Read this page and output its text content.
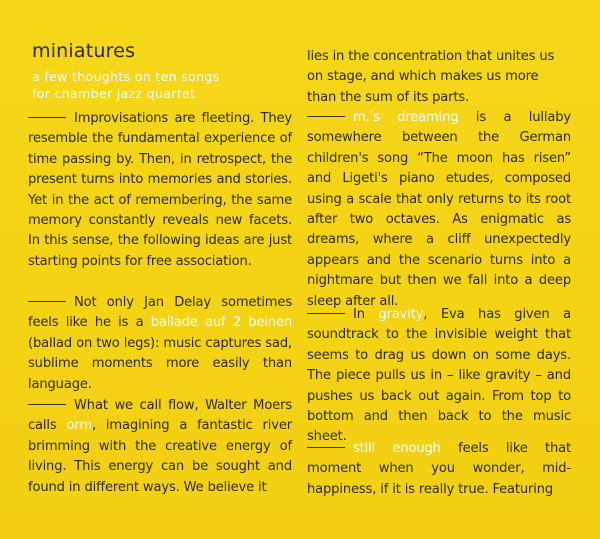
miniatures
a few thoughts on ten songs
for chamber jazz quartet

Improvisations are fleeting. They resemble the fundamental experience of time passing by. Then, in retrospect, the present turns into memories and stories. Yet in the act of remembering, the same memory constantly reveals new facets. In this sense, the following ideas are just starting points for free association.

Not only Jan Delay sometimes feels like he is a ballade auf 2 beinen (ballad on two legs): music captures sad, sublime moments more easily than language.

What we call flow, Walter Moers calls orm, imagining a fantastic river brimming with the creative energy of living. This energy can be sought and found in different ways. We believe it

lies in the concentration that unites us on stage, and which makes us more than the sum of its parts.

m.'s dreaming is a lullaby somewhere between the German children's song “The moon has risen” and Ligeti's piano etudes, composed using a scale that only returns to its root after two octaves. As enigmatic as dreams, where a cliff unexpectedly appears and the scenario turns into a nightmare but then we fall into a deep sleep after all.

In gravity, Eva has given a soundtrack to the invisible weight that seems to drag us down on some days. The piece pulls us in – like gravity – and pushes us back out again. From top to bottom and then back to the music sheet.

still enough feels like that moment when you wonder, mid-happiness, if it is really true. Featuring
